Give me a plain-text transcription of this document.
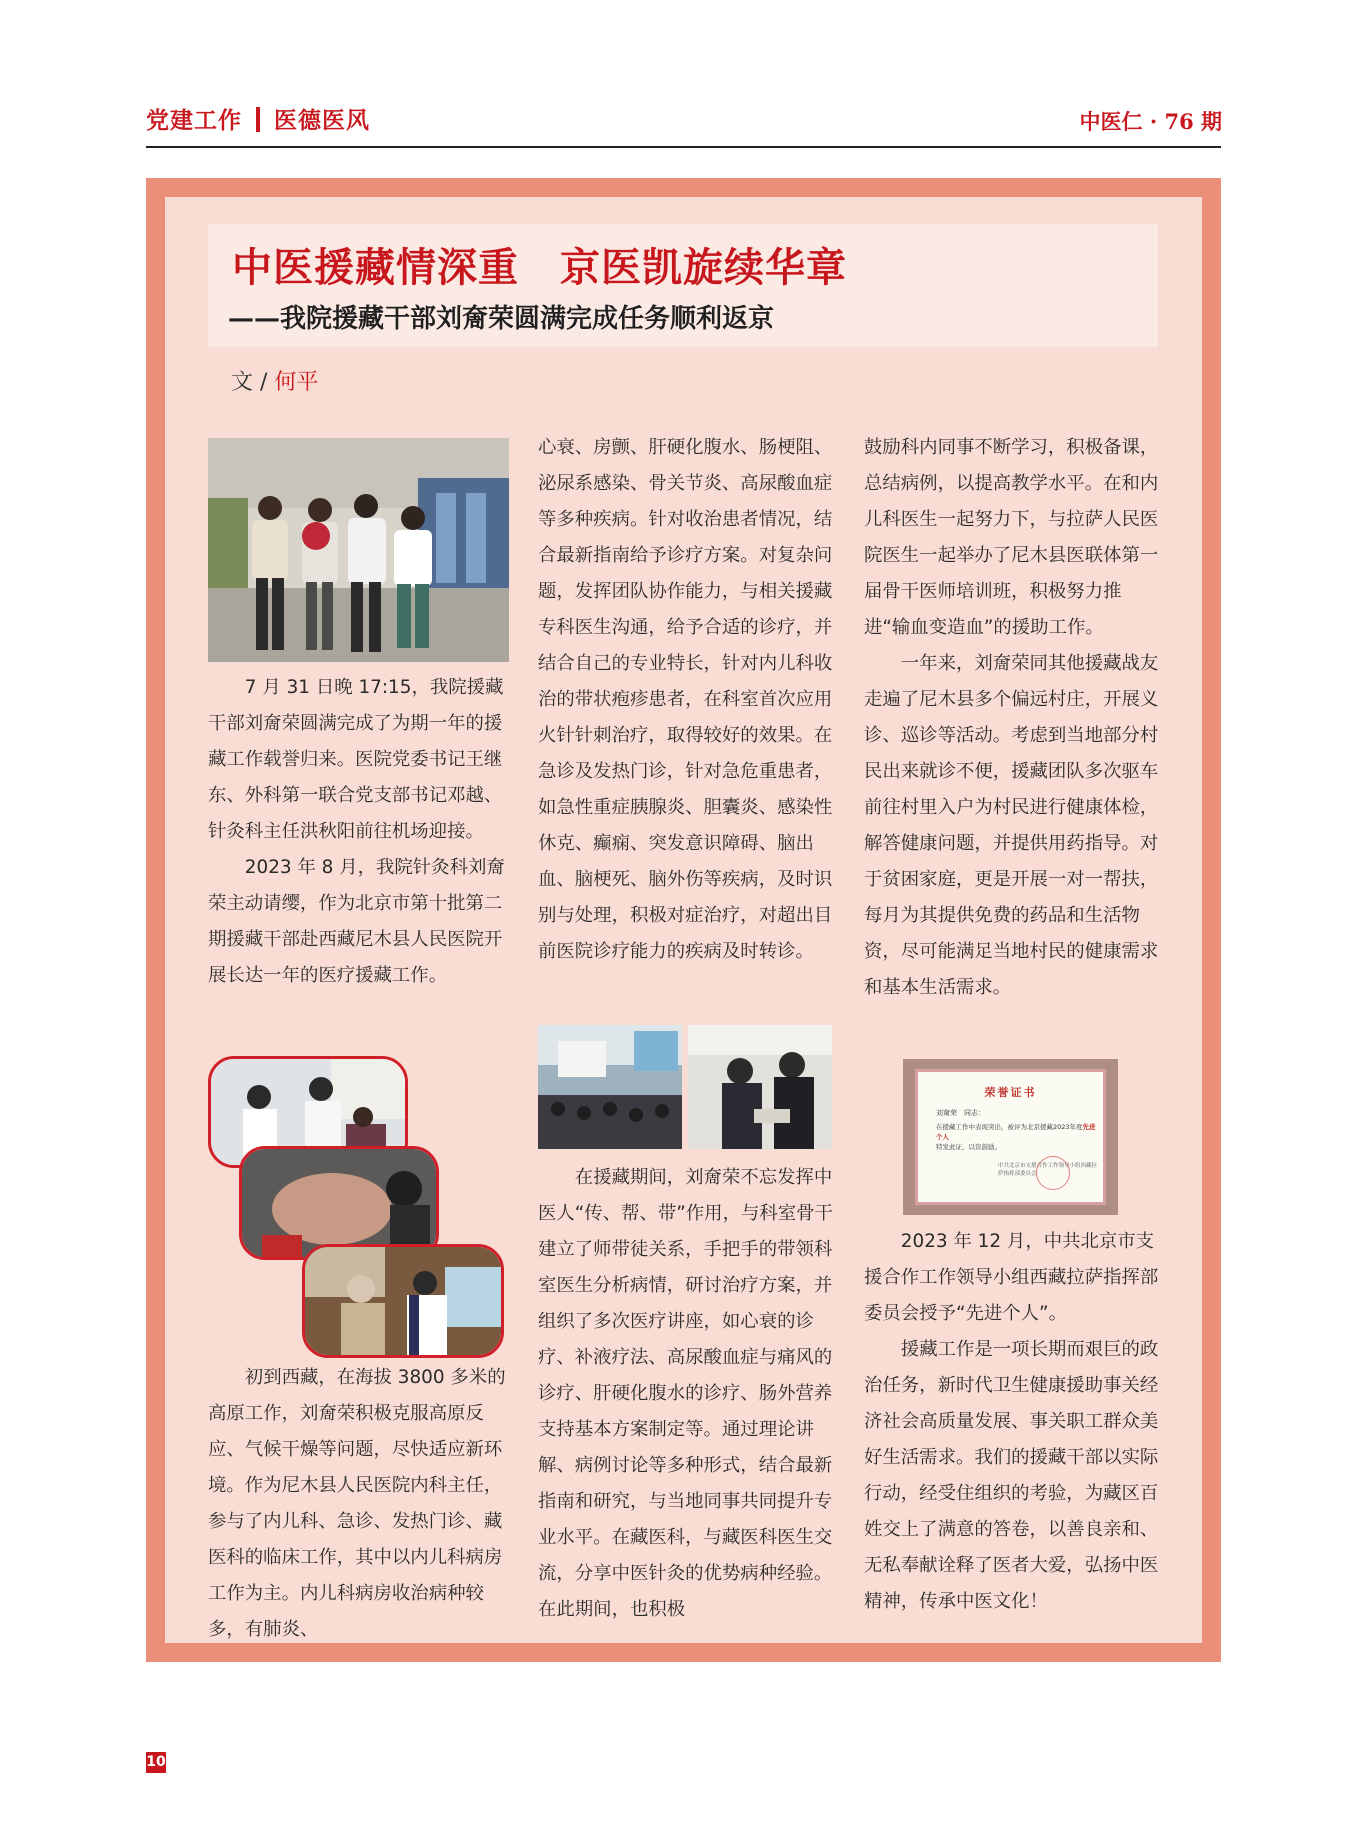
党建工作 医德医风	中医仁 · 76 期
中医援藏情深重　京医凯旋续华章
——我院援藏干部刘奝荣圆满完成任务顺利返京
文 / 何平
荣誉证书
刘奝荣　同志：
在援藏工作中表现突出，被评为北京援藏2023年度先进个人
特发此证，以资鼓励。
中共北京市支援合作工作领导小组西藏拉萨指挥部委员会

7 月 31 日晚 17:15，我院援藏干部刘奝荣圆满完成了为期一年的援藏工作载誉归来。医院党委书记王继东、外科第一联合党支部书记邓越、针灸科主任洪秋阳前往机场迎接。

2023 年 8 月，我院针灸科刘奝荣主动请缨，作为北京市第十批第二期援藏干部赴西藏尼木县人民医院开展长达一年的医疗援藏工作。

初到西藏，在海拔 3800 多米的高原工作，刘奝荣积极克服高原反应、气候干燥等问题，尽快适应新环境。作为尼木县人民医院内科主任，参与了内儿科、急诊、发热门诊、藏医科的临床工作，其中以内儿科病房工作为主。内儿科病房收治病种较多，有肺炎、

心衰、房颤、肝硬化腹水、肠梗阻、泌尿系感染、骨关节炎、高尿酸血症等多种疾病。针对收治患者情况，结合最新指南给予诊疗方案。对复杂问题，发挥团队协作能力，与相关援藏专科医生沟通，给予合适的诊疗，并结合自己的专业特长，针对内儿科收治的带状疱疹患者，在科室首次应用火针针刺治疗，取得较好的效果。在急诊及发热门诊，针对急危重患者，如急性重症胰腺炎、胆囊炎、感染性休克、癫痫、突发意识障碍、脑出血、脑梗死、脑外伤等疾病，及时识别与处理，积极对症治疗，对超出目前医院诊疗能力的疾病及时转诊。

在援藏期间，刘奝荣不忘发挥中医人“传、帮、带”作用，与科室骨干建立了师带徒关系，手把手的带领科室医生分析病情，研讨治疗方案，并组织了多次医疗讲座，如心衰的诊疗、补液疗法、高尿酸血症与痛风的诊疗、肝硬化腹水的诊疗、肠外营养支持基本方案制定等。通过理论讲解、病例讨论等多种形式，结合最新指南和研究，与当地同事共同提升专业水平。在藏医科，与藏医科医生交流，分享中医针灸的优势病种经验。在此期间，也积极

鼓励科内同事不断学习，积极备课，总结病例，以提高教学水平。在和内儿科医生一起努力下，与拉萨人民医院医生一起举办了尼木县医联体第一届骨干医师培训班，积极努力推进“输血变造血”的援助工作。

一年来，刘奝荣同其他援藏战友走遍了尼木县多个偏远村庄，开展义诊、巡诊等活动。考虑到当地部分村民出来就诊不便，援藏团队多次驱车前往村里入户为村民进行健康体检，解答健康问题，并提供用药指导。对于贫困家庭，更是开展一对一帮扶，每月为其提供免费的药品和生活物资，尽可能满足当地村民的健康需求和基本生活需求。

2023 年 12 月，中共北京市支援合作工作领导小组西藏拉萨指挥部委员会授予“先进个人”。

援藏工作是一项长期而艰巨的政治任务，新时代卫生健康援助事关经济社会高质量发展、事关职工群众美好生活需求。我们的援藏干部以实际行动，经受住组织的考验，为藏区百姓交上了满意的答卷，以善良亲和、无私奉献诠释了医者大爱，弘扬中医精神，传承中医文化！

10
